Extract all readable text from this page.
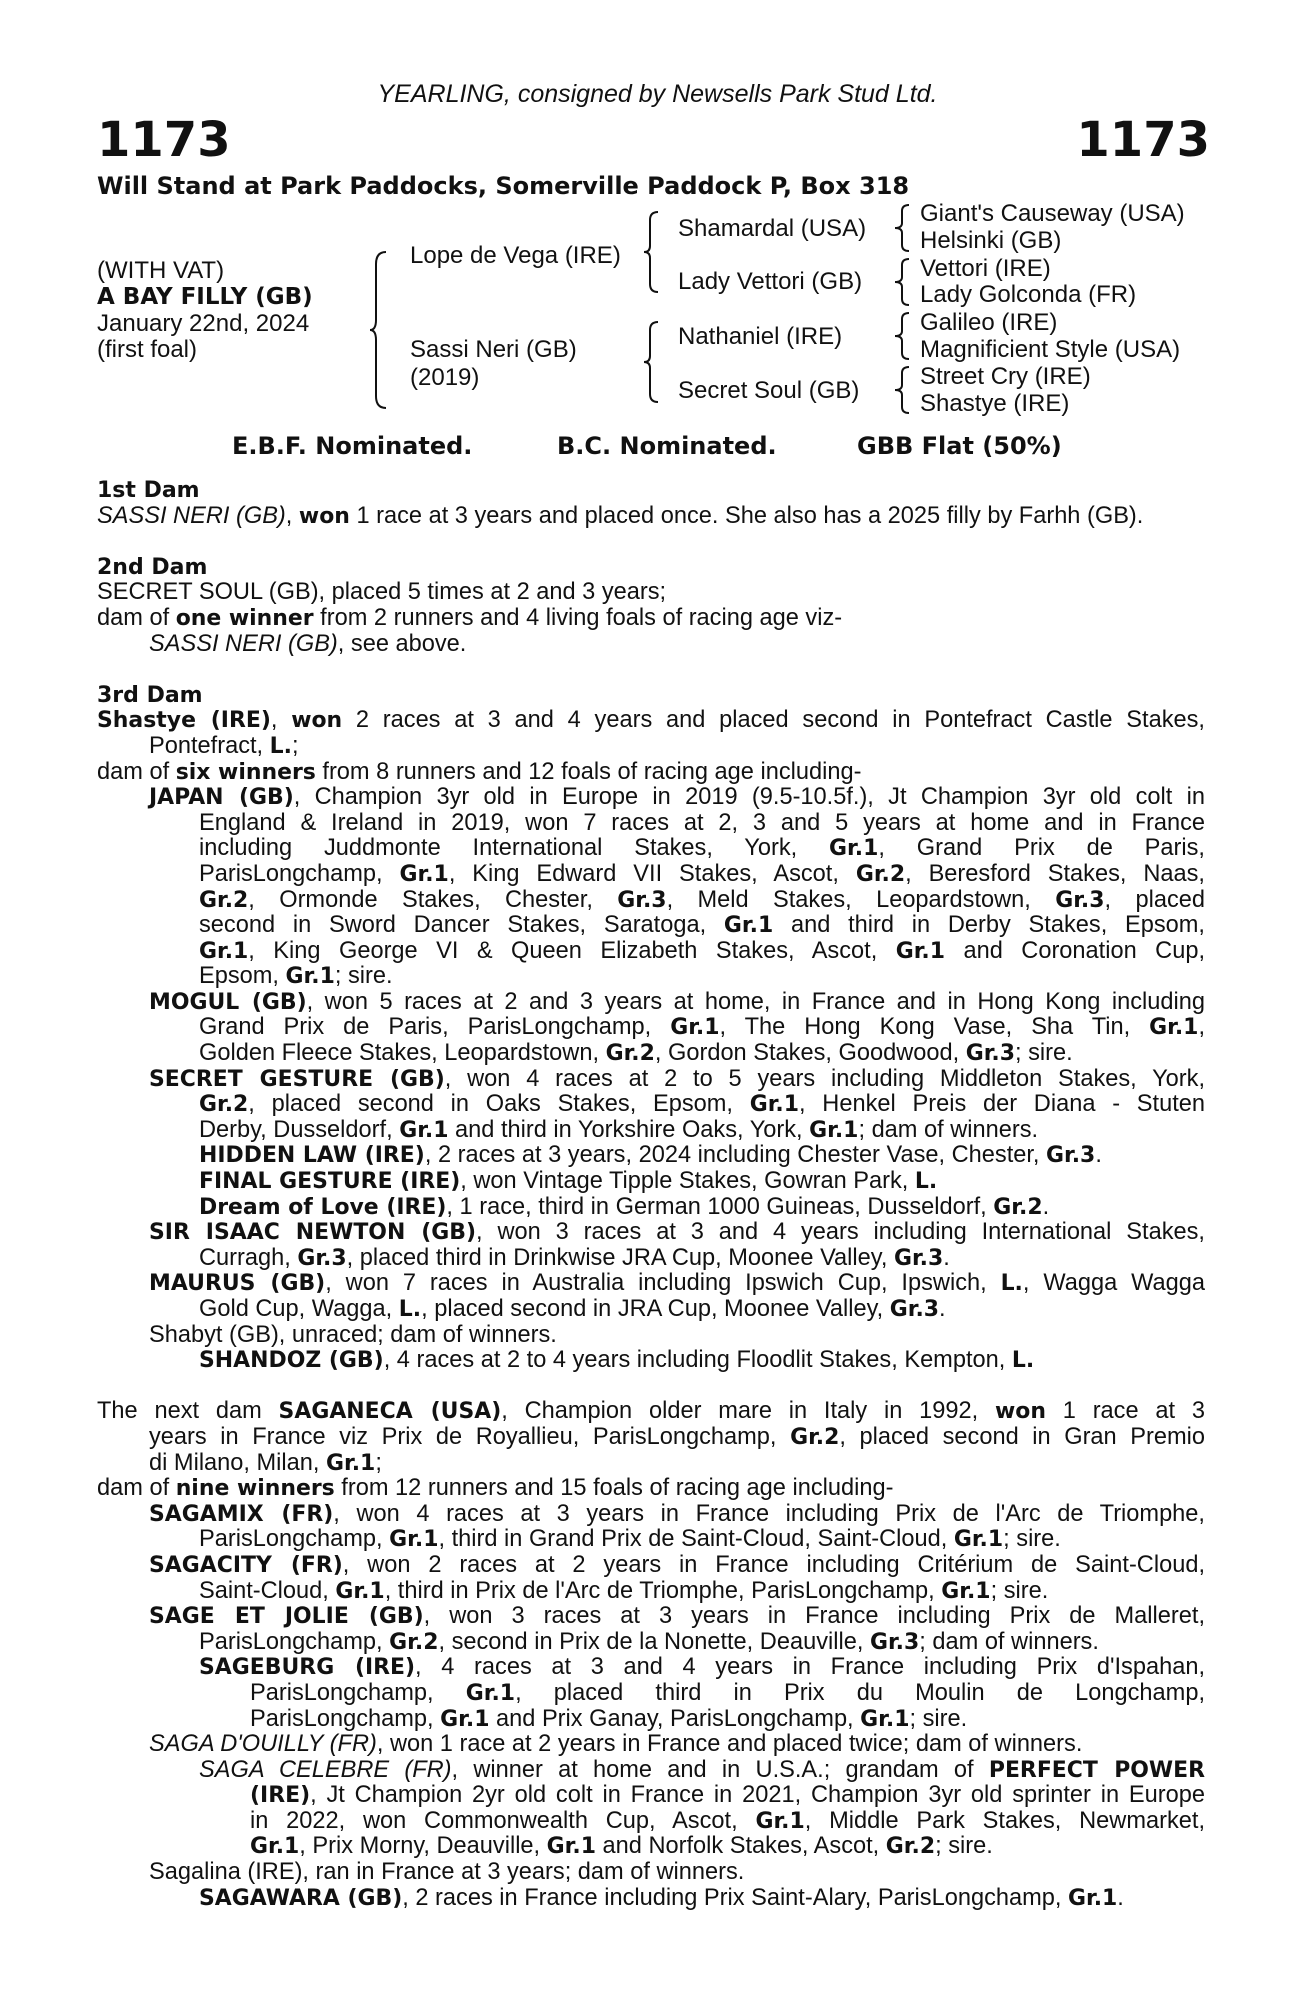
YEARLING, consigned by Newsells Park Stud Ltd.
1173	1173
Will Stand at Park Paddocks, Somerville Paddock P, Box 318
(WITH VAT)
A BAY FILLY (GB)
January 22nd, 2024
(first foal)
Lope de Vega (IRE)
Sassi Neri (GB)
(2019)
Shamardal (USA)
Lady Vettori (GB)
Nathaniel (IRE)
Secret Soul (GB)
Giant's Causeway (USA)
Helsinki (GB)
Vettori (IRE)
Lady Golconda (FR)
Galileo (IRE)
Magnificient Style (USA)
Street Cry (IRE)
Shastye (IRE)
E.B.F. Nominated.	B.C. Nominated.	GBB Flat (50%)
1st Dam
SASSI NERI (GB), won 1 race at 3 years and placed once. She also has a 2025 filly by Farhh (GB).
2nd Dam
SECRET SOUL (GB), placed 5 times at 2 and 3 years;
dam of one winner from 2 runners and 4 living foals of racing age viz-
SASSI NERI (GB), see above.
3rd Dam
Shastye (IRE), won 2 races at 3 and 4 years and placed second in Pontefract Castle Stakes,
Pontefract, L.;
dam of six winners from 8 runners and 12 foals of racing age including-
JAPAN (GB), Champion 3yr old in Europe in 2019 (9.5-10.5f.), Jt Champion 3yr old colt in
England & Ireland in 2019, won 7 races at 2, 3 and 5 years at home and in France
including Juddmonte International Stakes, York, Gr.1, Grand Prix de Paris,
ParisLongchamp, Gr.1, King Edward VII Stakes, Ascot, Gr.2, Beresford Stakes, Naas,
Gr.2, Ormonde Stakes, Chester, Gr.3, Meld Stakes, Leopardstown, Gr.3, placed
second in Sword Dancer Stakes, Saratoga, Gr.1 and third in Derby Stakes, Epsom,
Gr.1, King George VI & Queen Elizabeth Stakes, Ascot, Gr.1 and Coronation Cup,
Epsom, Gr.1; sire.
MOGUL (GB), won 5 races at 2 and 3 years at home, in France and in Hong Kong including
Grand Prix de Paris, ParisLongchamp, Gr.1, The Hong Kong Vase, Sha Tin, Gr.1,
Golden Fleece Stakes, Leopardstown, Gr.2, Gordon Stakes, Goodwood, Gr.3; sire.
SECRET GESTURE (GB), won 4 races at 2 to 5 years including Middleton Stakes, York,
Gr.2, placed second in Oaks Stakes, Epsom, Gr.1, Henkel Preis der Diana - Stuten
Derby, Dusseldorf, Gr.1 and third in Yorkshire Oaks, York, Gr.1; dam of winners.
HIDDEN LAW (IRE), 2 races at 3 years, 2024 including Chester Vase, Chester, Gr.3.
FINAL GESTURE (IRE), won Vintage Tipple Stakes, Gowran Park, L.
Dream of Love (IRE), 1 race, third in German 1000 Guineas, Dusseldorf, Gr.2.
SIR ISAAC NEWTON (GB), won 3 races at 3 and 4 years including International Stakes,
Curragh, Gr.3, placed third in Drinkwise JRA Cup, Moonee Valley, Gr.3.
MAURUS (GB), won 7 races in Australia including Ipswich Cup, Ipswich, L., Wagga Wagga
Gold Cup, Wagga, L., placed second in JRA Cup, Moonee Valley, Gr.3.
Shabyt (GB), unraced; dam of winners.
SHANDOZ (GB), 4 races at 2 to 4 years including Floodlit Stakes, Kempton, L.
The next dam SAGANECA (USA), Champion older mare in Italy in 1992, won 1 race at 3
years in France viz Prix de Royallieu, ParisLongchamp, Gr.2, placed second in Gran Premio
di Milano, Milan, Gr.1;
dam of nine winners from 12 runners and 15 foals of racing age including-
SAGAMIX (FR), won 4 races at 3 years in France including Prix de l'Arc de Triomphe,
ParisLongchamp, Gr.1, third in Grand Prix de Saint-Cloud, Saint-Cloud, Gr.1; sire.
SAGACITY (FR), won 2 races at 2 years in France including Critérium de Saint-Cloud,
Saint-Cloud, Gr.1, third in Prix de l'Arc de Triomphe, ParisLongchamp, Gr.1; sire.
SAGE ET JOLIE (GB), won 3 races at 3 years in France including Prix de Malleret,
ParisLongchamp, Gr.2, second in Prix de la Nonette, Deauville, Gr.3; dam of winners.
SAGEBURG (IRE), 4 races at 3 and 4 years in France including Prix d'Ispahan,
ParisLongchamp, Gr.1, placed third in Prix du Moulin de Longchamp,
ParisLongchamp, Gr.1 and Prix Ganay, ParisLongchamp, Gr.1; sire.
SAGA D'OUILLY (FR), won 1 race at 2 years in France and placed twice; dam of winners.
SAGA CELEBRE (FR), winner at home and in U.S.A.; grandam of PERFECT POWER
(IRE), Jt Champion 2yr old colt in France in 2021, Champion 3yr old sprinter in Europe
in 2022, won Commonwealth Cup, Ascot, Gr.1, Middle Park Stakes, Newmarket,
Gr.1, Prix Morny, Deauville, Gr.1 and Norfolk Stakes, Ascot, Gr.2; sire.
Sagalina (IRE), ran in France at 3 years; dam of winners.
SAGAWARA (GB), 2 races in France including Prix Saint-Alary, ParisLongchamp, Gr.1.
